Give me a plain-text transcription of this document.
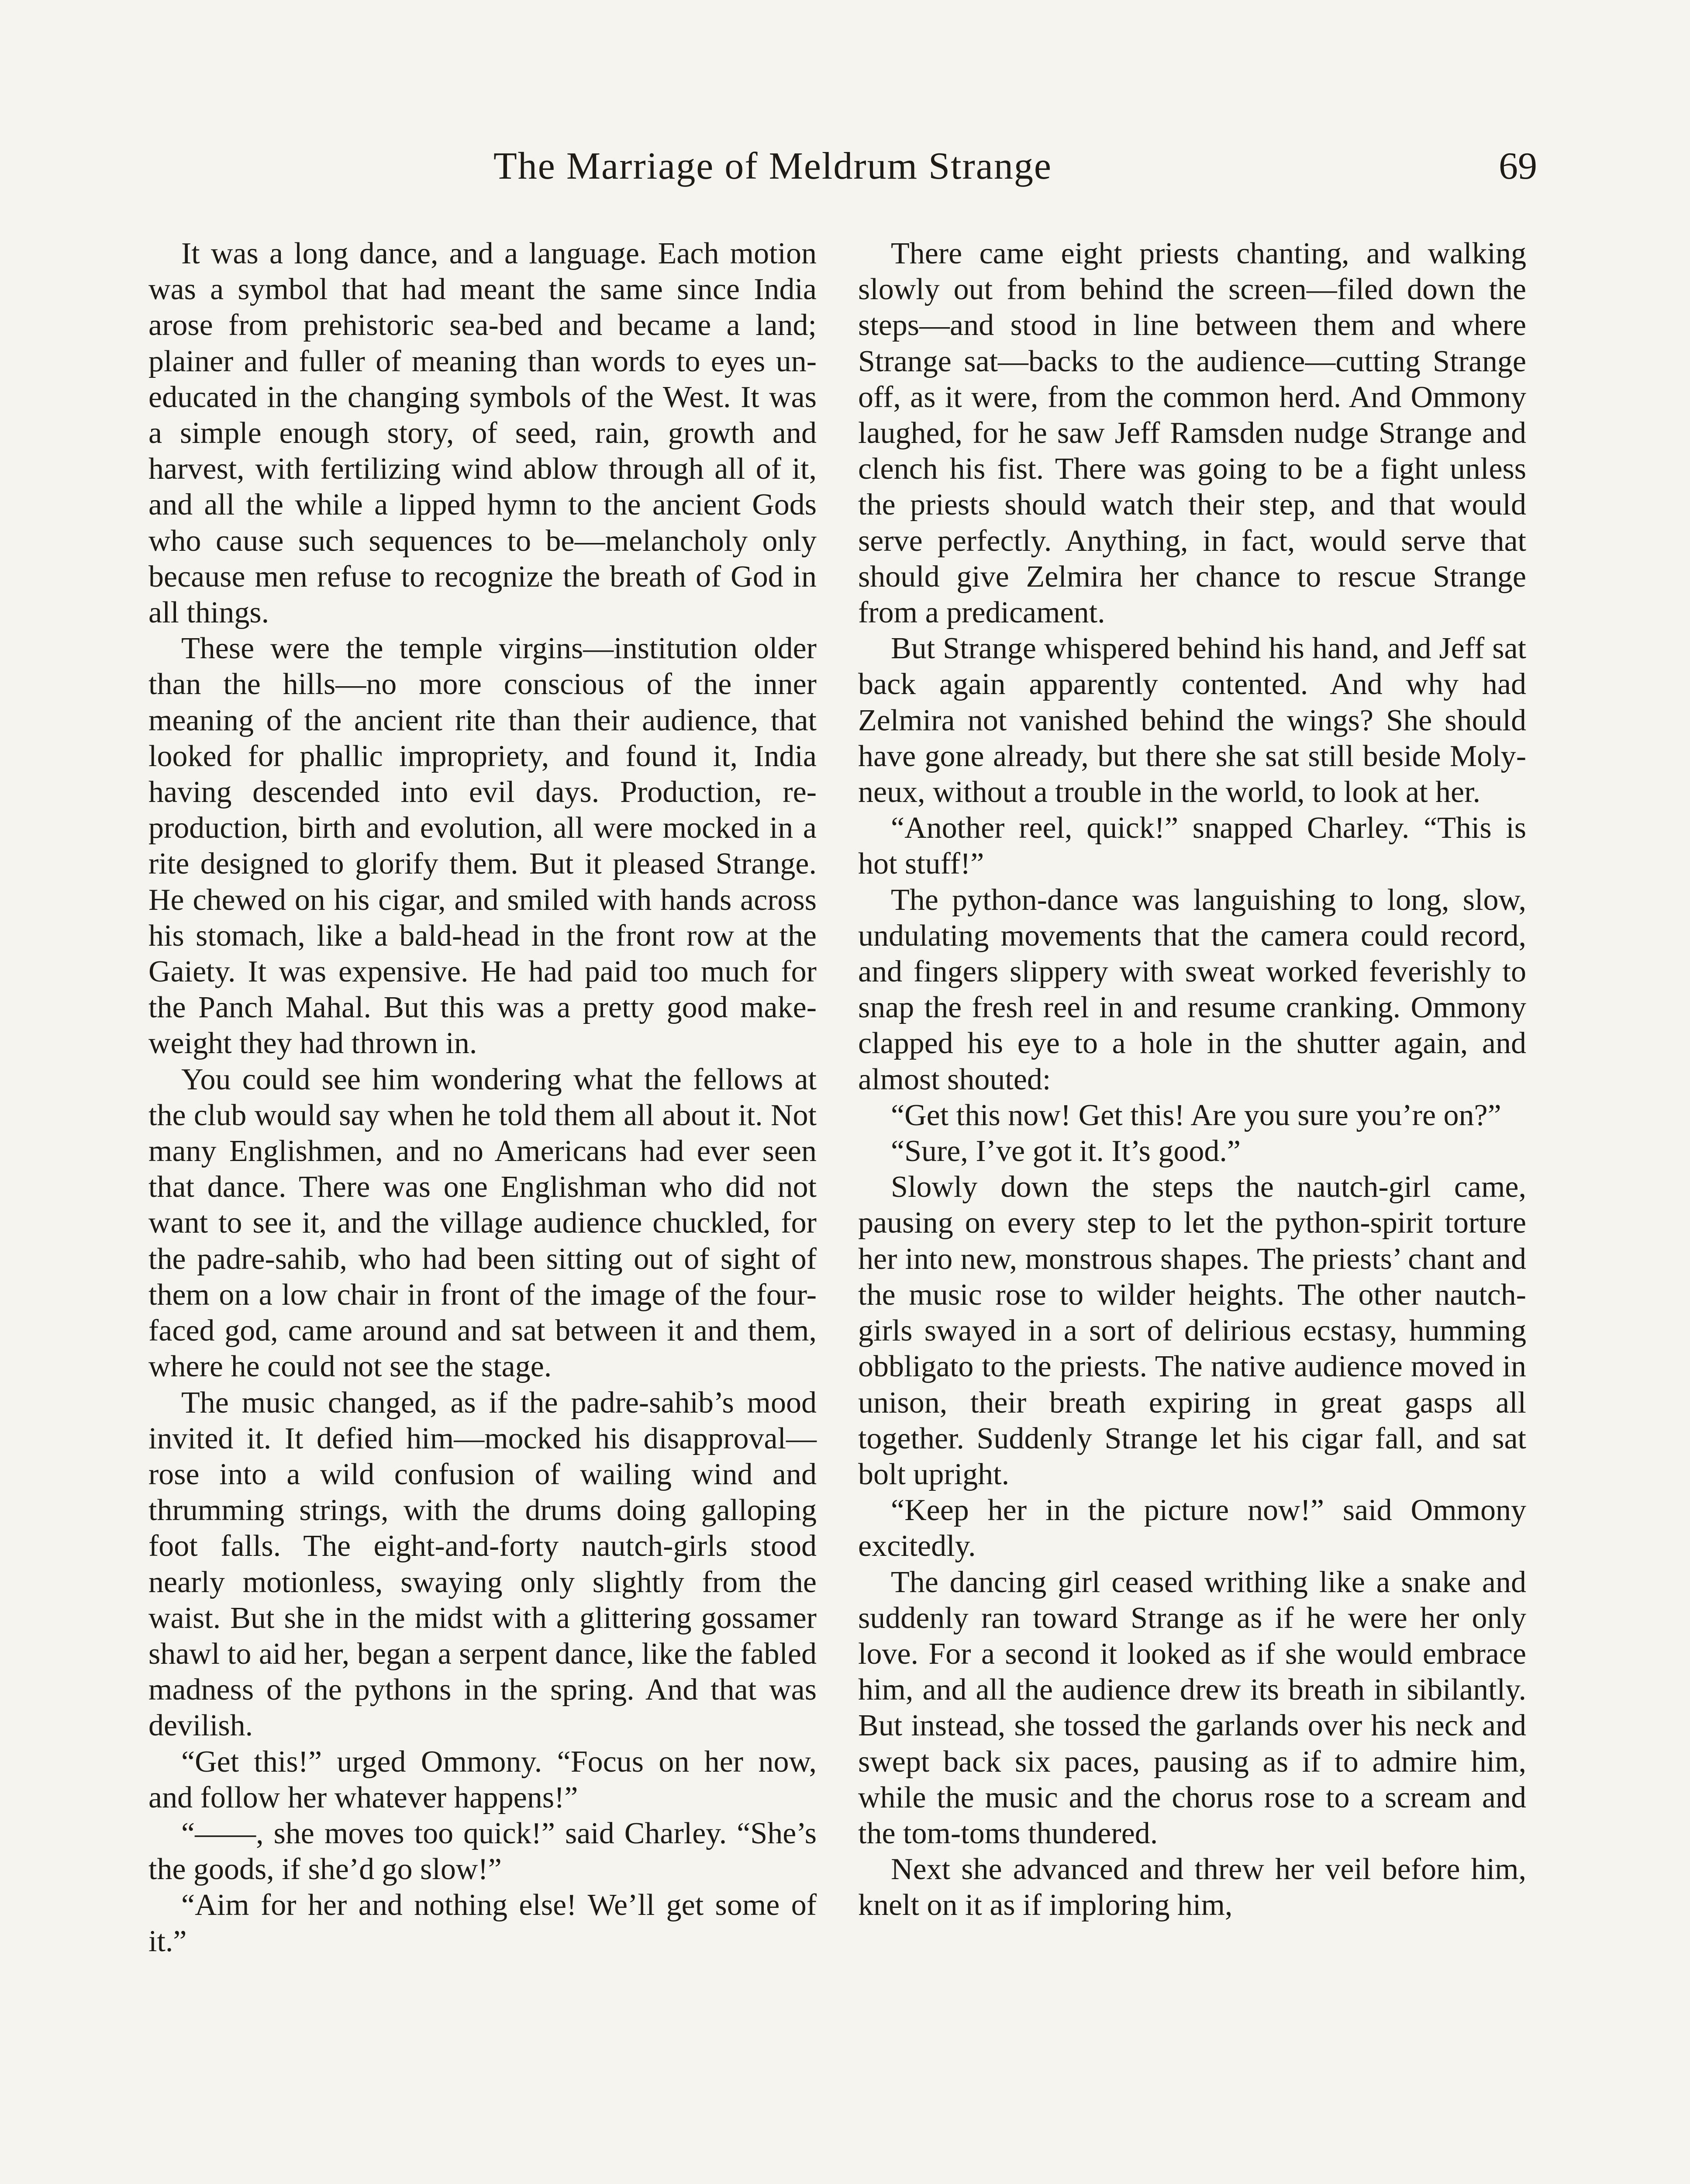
The Marriage of Meldrum Strange	69

It was a long dance, and a language. Each motion was a symbol that had meant the same since India arose from prehistoric sea-bed and became a land; plainer and fuller of meaning than words to eyes uneducated in the changing symbols of the West. It was a simple enough story, of seed, rain, growth and harvest, with fertilizing wind ablow through all of it, and all the while a lipped hymn to the ancient Gods who cause such sequences to be—melancholy only because men refuse to recognize the breath of God in all things.

These were the temple virgins—institution older than the hills—no more conscious of the inner meaning of the ancient rite than their audience, that looked for phallic impropriety, and found it, India having descended into evil days. Production, reproduction, birth and evolution, all were mocked in a rite designed to glorify them. But it pleased Strange. He chewed on his cigar, and smiled with hands across his stomach, like a bald-head in the front row at the Gaiety. It was expensive. He had paid too much for the Panch Mahal. But this was a pretty good make-weight they had thrown in.

You could see him wondering what the fellows at the club would say when he told them all about it. Not many Englishmen, and no Americans had ever seen that dance. There was one Englishman who did not want to see it, and the village audience chuckled, for the padre-sahib, who had been sitting out of sight of them on a low chair in front of the image of the four-faced god, came around and sat between it and them, where he could not see the stage.

The music changed, as if the padre-sahib’s mood invited it. It defied him—mocked his disapproval—rose into a wild confusion of wailing wind and thrumming strings, with the drums doing galloping foot falls. The eight-and-forty nautch-girls stood nearly motionless, swaying only slightly from the waist. But she in the midst with a glittering gossamer shawl to aid her, began a serpent dance, like the fabled madness of the pythons in the spring. And that was devilish.

“Get this!” urged Ommony. “Focus on her now, and follow her whatever happens!”

“——, she moves too quick!” said Charley. “She’s the goods, if she’d go slow!”

“Aim for her and nothing else! We’ll get some of it.”

There came eight priests chanting, and walking slowly out from behind the screen—filed down the steps—and stood in line between them and where Strange sat—backs to the audience—cutting Strange off, as it were, from the common herd. And Ommony laughed, for he saw Jeff Ramsden nudge Strange and clench his fist. There was going to be a fight unless the priests should watch their step, and that would serve perfectly. Anything, in fact, would serve that should give Zelmira her chance to rescue Strange from a predicament.

But Strange whispered behind his hand, and Jeff sat back again apparently contented. And why had Zelmira not vanished behind the wings? She should have gone already, but there she sat still beside Molyneux, without a trouble in the world, to look at her.

“Another reel, quick!” snapped Charley. “This is hot stuff!”

The python-dance was languishing to long, slow, undulating movements that the camera could record, and fingers slippery with sweat worked feverishly to snap the fresh reel in and resume cranking. Ommony clapped his eye to a hole in the shutter again, and almost shouted:

“Get this now! Get this! Are you sure you’re on?”

“Sure, I’ve got it. It’s good.”

Slowly down the steps the nautch-girl came, pausing on every step to let the python-spirit torture her into new, monstrous shapes. The priests’ chant and the music rose to wilder heights. The other nautch-girls swayed in a sort of delirious ecstasy, humming obbligato to the priests. The native audience moved in unison, their breath expiring in great gasps all together. Suddenly Strange let his cigar fall, and sat bolt upright.

“Keep her in the picture now!” said Ommony excitedly.

The dancing girl ceased writhing like a snake and suddenly ran toward Strange as if he were her only love. For a second it looked as if she would embrace him, and all the audience drew its breath in sibilantly. But instead, she tossed the garlands over his neck and swept back six paces, pausing as if to admire him, while the music and the chorus rose to a scream and the tom-toms thundered.

Next she advanced and threw her veil before him, knelt on it as if imploring him,
